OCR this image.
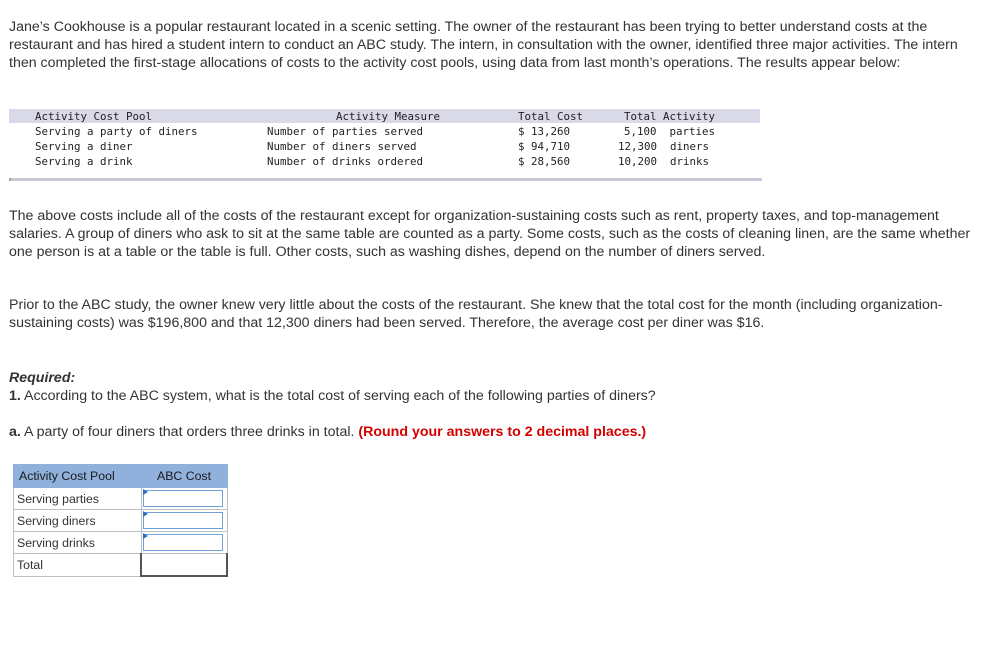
Jane’s Cookhouse is a popular restaurant located in a scenic setting. The owner of the restaurant has been trying to better understand costs at the restaurant and has hired a student intern to conduct an ABC study. The intern, in consultation with the owner, identified three major activities. The intern then completed the first-stage allocations of costs to the activity cost pools, using data from last month’s operations. The results appear below:

Activity Cost Pool	Activity Measure	Total Cost	Total Activity
Serving a party of diners	Number of parties served	$ 13,260	5,100  parties
Serving a diner	Number of diners served	$ 94,710	12,300  diners
Serving a drink	Number of drinks ordered	$ 28,560	10,200  drinks

The above costs include all of the costs of the restaurant except for organization-sustaining costs such as rent, property taxes, and top-management salaries. A group of diners who ask to sit at the same table are counted as a party. Some costs, such as the costs of cleaning linen, are the same whether one person is at a table or the table is full. Other costs, such as washing dishes, depend on the number of diners served.

Prior to the ABC study, the owner knew very little about the costs of the restaurant. She knew that the total cost for the month (including organization-sustaining costs) was $196,800 and that 12,300 diners had been served. Therefore, the average cost per diner was $16.

Required:
1. According to the ABC system, what is the total cost of serving each of the following parties of diners?
a. A party of four diners that orders three drinks in total. (Round your answers to 2 decimal places.)
Activity Cost Pool	ABC Cost
Serving parties	

Serving diners	

Serving drinks	

Total	
